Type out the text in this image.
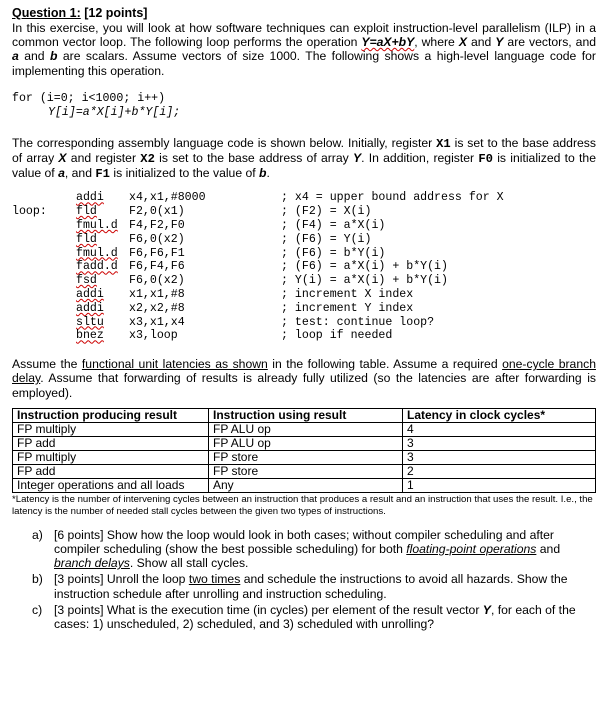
Question 1: [12 points]

In this exercise, you will look at how software techniques can exploit instruction-level parallelism (ILP) in a common vector loop. The following loop performs the operation Y=aX+bY, where X and Y are vectors, and a and b are scalars. Assume vectors of size 1000. The following shows a high-level language code for implementing this operation.

for (i=0; i<1000; i++)
Y[i]=a*X[i]+b*Y[i];

The corresponding assembly language code is shown below. Initially, register X1 is set to the base address of array X and register X2 is set to the base address of array Y. In addition, register F0 is initialized to the value of a, and F1 is initialized to the value of b.

addi	x4,x1,#8000	; x4 = upper bound address for X
loop:	fld	F2,0(x1)	; (F2) = X(i)
fmul.d F4,F2,F0	; (F4) = a*X(i)
fld	F6,0(x2)	; (F6) = Y(i)
fmul.d F6,F6,F1	; (F6) = b*Y(i)
fadd.d F6,F4,F6	; (F6) = a*X(i) + b*Y(i)
fsd	F6,0(x2)	; Y(i) = a*X(i) + b*Y(i)
addi	x1,x1,#8	; increment X index
addi	x2,x2,#8	; increment Y index
sltu	x3,x1,x4	; test: continue loop?
bnez	x3,loop	; loop if needed

Assume the functional unit latencies as shown in the following table. Assume a required one-cycle branch delay. Assume that forwarding of results is already fully utilized (so the latencies are after forwarding is employed).

Instruction producing result	Instruction using result	Latency in clock cycles*
FP multiply	FP ALU op	4
FP add	FP ALU op	3
FP multiply	FP store	3
FP add	FP store	2
Integer operations and all loads	Any	1
*Latency is the number of intervening cycles between an instruction that produces a result and an instruction that uses the result. I.e., the latency is the number of needed stall cycles between the given two types of instructions.
a) [6 points] Show how the loop would look in both cases; without compiler scheduling and after compiler scheduling (show the best possible scheduling) for both floating-point operations and branch delays. Show all stall cycles.
b) [3 points] Unroll the loop two times and schedule the instructions to avoid all hazards. Show the instruction schedule after unrolling and instruction scheduling.
c) [3 points] What is the execution time (in cycles) per element of the result vector Y, for each of the cases: 1) unscheduled, 2) scheduled, and 3) scheduled with unrolling?
